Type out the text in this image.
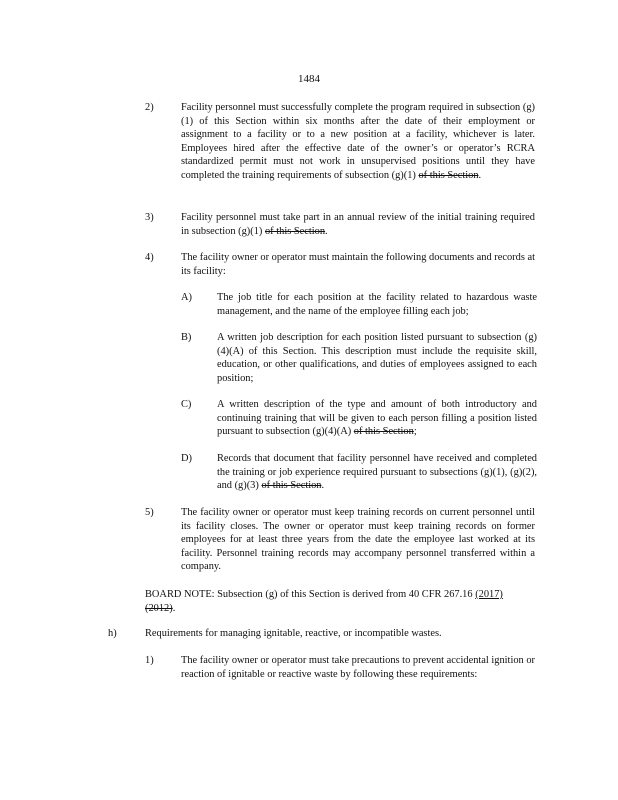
1484
2)	Facility personnel must successfully complete the program required in subsection (g)(1) of this Section within six months after the date of their employment or assignment to a facility or to a new position at a facility, whichever is later. Employees hired after the effective date of the owner’s or operator’s RCRA standardized permit must not work in unsupervised positions until they have completed the training requirements of subsection (g)(1) of this Section.
3)	Facility personnel must take part in an annual review of the initial training required in subsection (g)(1) of this Section.
4)	The facility owner or operator must maintain the following documents and records at its facility:
A) The job title for each position at the facility related to hazardous waste management, and the name of the employee filling each job;
B) A written job description for each position listed pursuant to subsection (g)(4)(A) of this Section. This description must include the requisite skill, education, or other qualifications, and duties of employees assigned to each position;
C) A written description of the type and amount of both introductory and continuing training that will be given to each person filling a position listed pursuant to subsection (g)(4)(A) of this Section;
D) Records that document that facility personnel have received and completed the training or job experience required pursuant to subsections (g)(1), (g)(2), and (g)(3) of this Section.
5)	The facility owner or operator must keep training records on current personnel until its facility closes. The owner or operator must keep training records on former employees for at least three years from the date the employee last worked at its facility. Personnel training records may accompany personnel transferred within a company.
BOARD NOTE: Subsection (g) of this Section is derived from 40 CFR 267.16 (2017) (2012).
h)	Requirements for managing ignitable, reactive, or incompatible wastes.
1)	The facility owner or operator must take precautions to prevent accidental ignition or reaction of ignitable or reactive waste by following these requirements:
